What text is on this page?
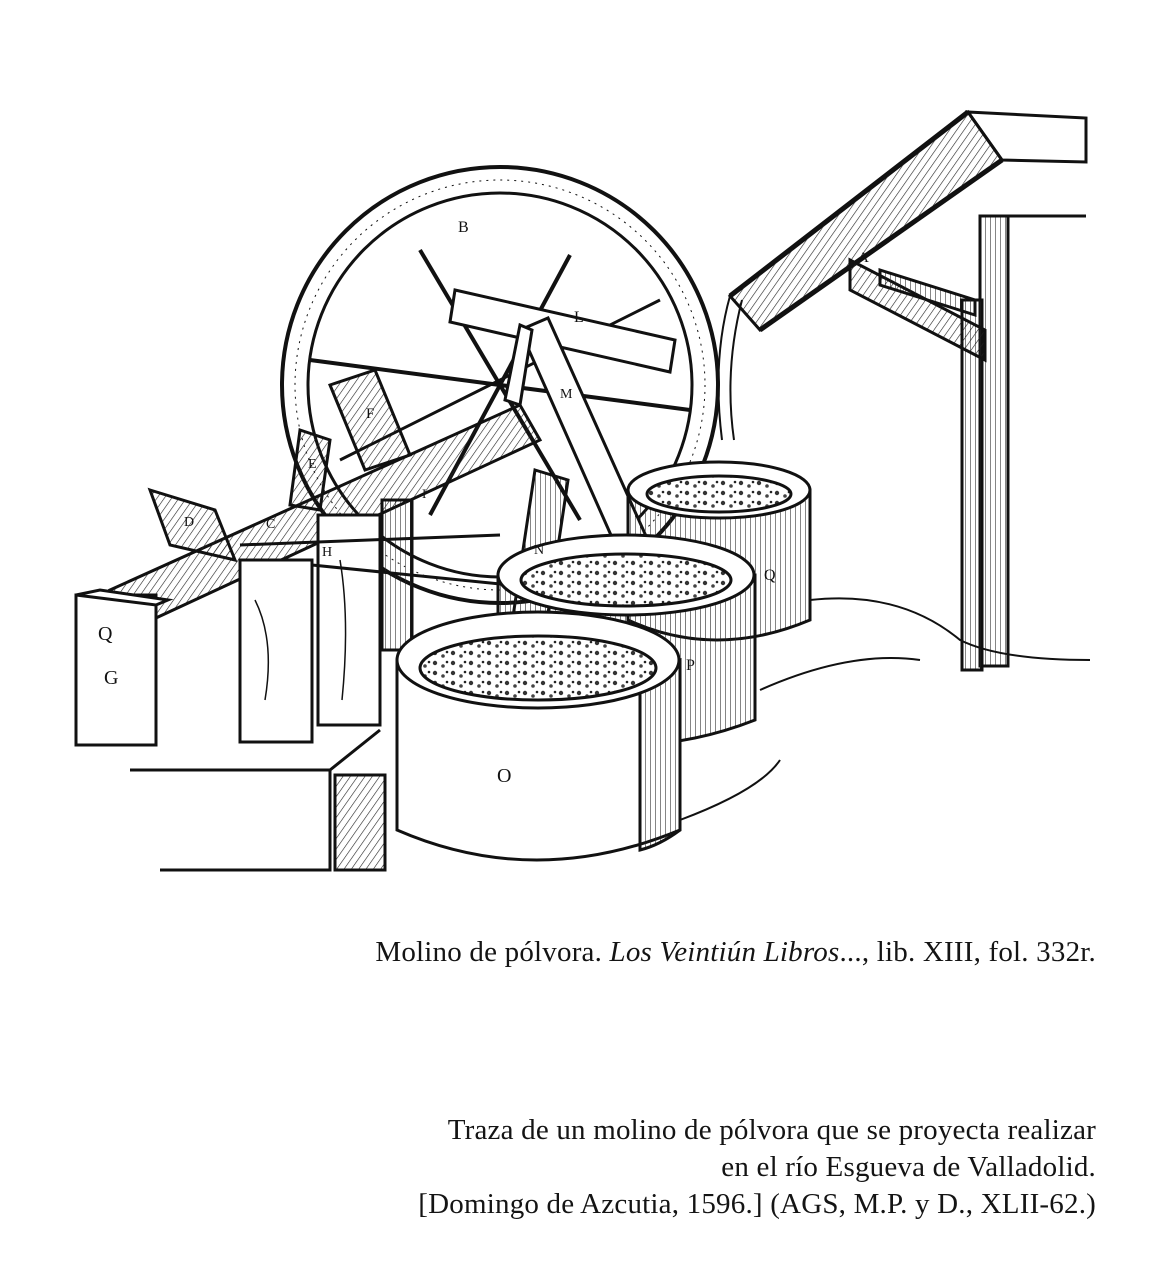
B
A
L
M
F
E
I
D	C
H	N
Q
Q
G
P
O
Molino de pólvora. Los Veintiún Libros..., lib. XIII, fol. 332r.
Traza de un molino de pólvora que se proyecta realizar
en el río Esgueva de Valladolid.
[Domingo de Azcutia, 1596.] (AGS, M.P. y D., XLII-62.)
